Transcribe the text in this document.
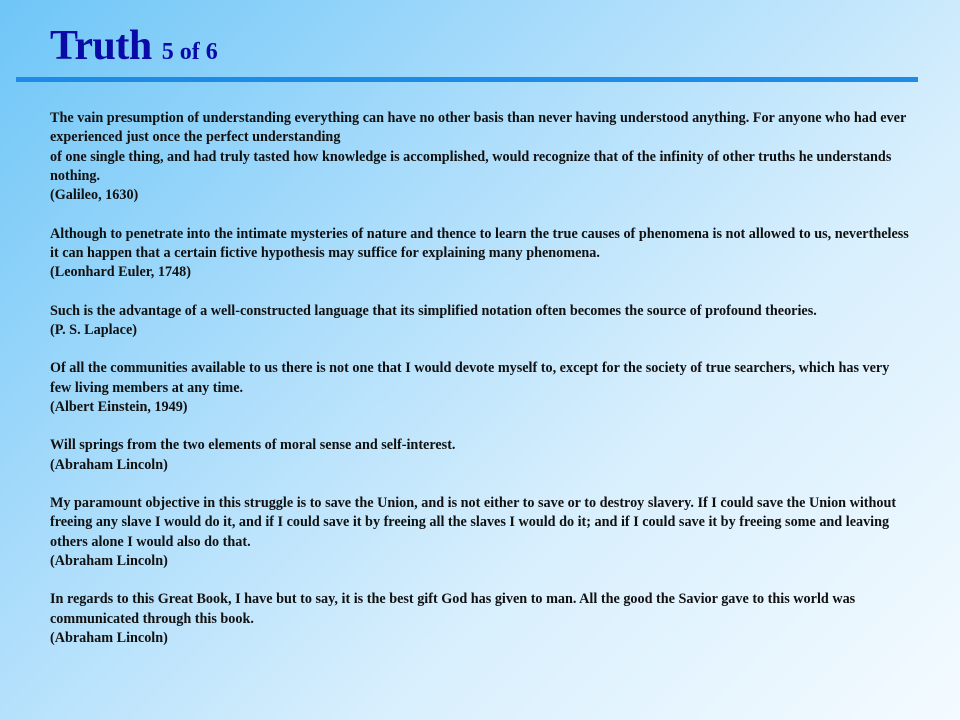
Truth 5 of 6

The vain presumption of understanding everything can have no other basis than never having understood anything. For anyone who had ever experienced just once the perfect understanding

of one single thing, and had truly tasted how knowledge is accomplished, would recognize that of the infinity of other truths he understands nothing.

(Galileo, 1630)

Although to penetrate into the intimate mysteries of nature and thence to learn the true causes of phenomena is not allowed to us, nevertheless it can happen that a certain fictive hypothesis may suffice for explaining many phenomena.

(Leonhard Euler, 1748)

Such is the advantage of a well-constructed language that its simplified notation often becomes the source of profound theories.

(P. S. Laplace)

Of all the communities available to us there is not one that I would devote myself to, except for the society of true searchers, which has very few living members at any time.

(Albert Einstein, 1949)

Will springs from the two elements of moral sense and self-interest.

(Abraham Lincoln)

My paramount objective in this struggle is to save the Union, and is not either to save or to destroy slavery. If I could save the Union without freeing any slave I would do it, and if I could save it by freeing all the slaves I would do it; and if I could save it by freeing some and leaving others alone I would also do that.

(Abraham Lincoln)

In regards to this Great Book, I have but to say, it is the best gift God has given to man. All the good the Savior gave to this world was communicated through this book.

(Abraham Lincoln)
